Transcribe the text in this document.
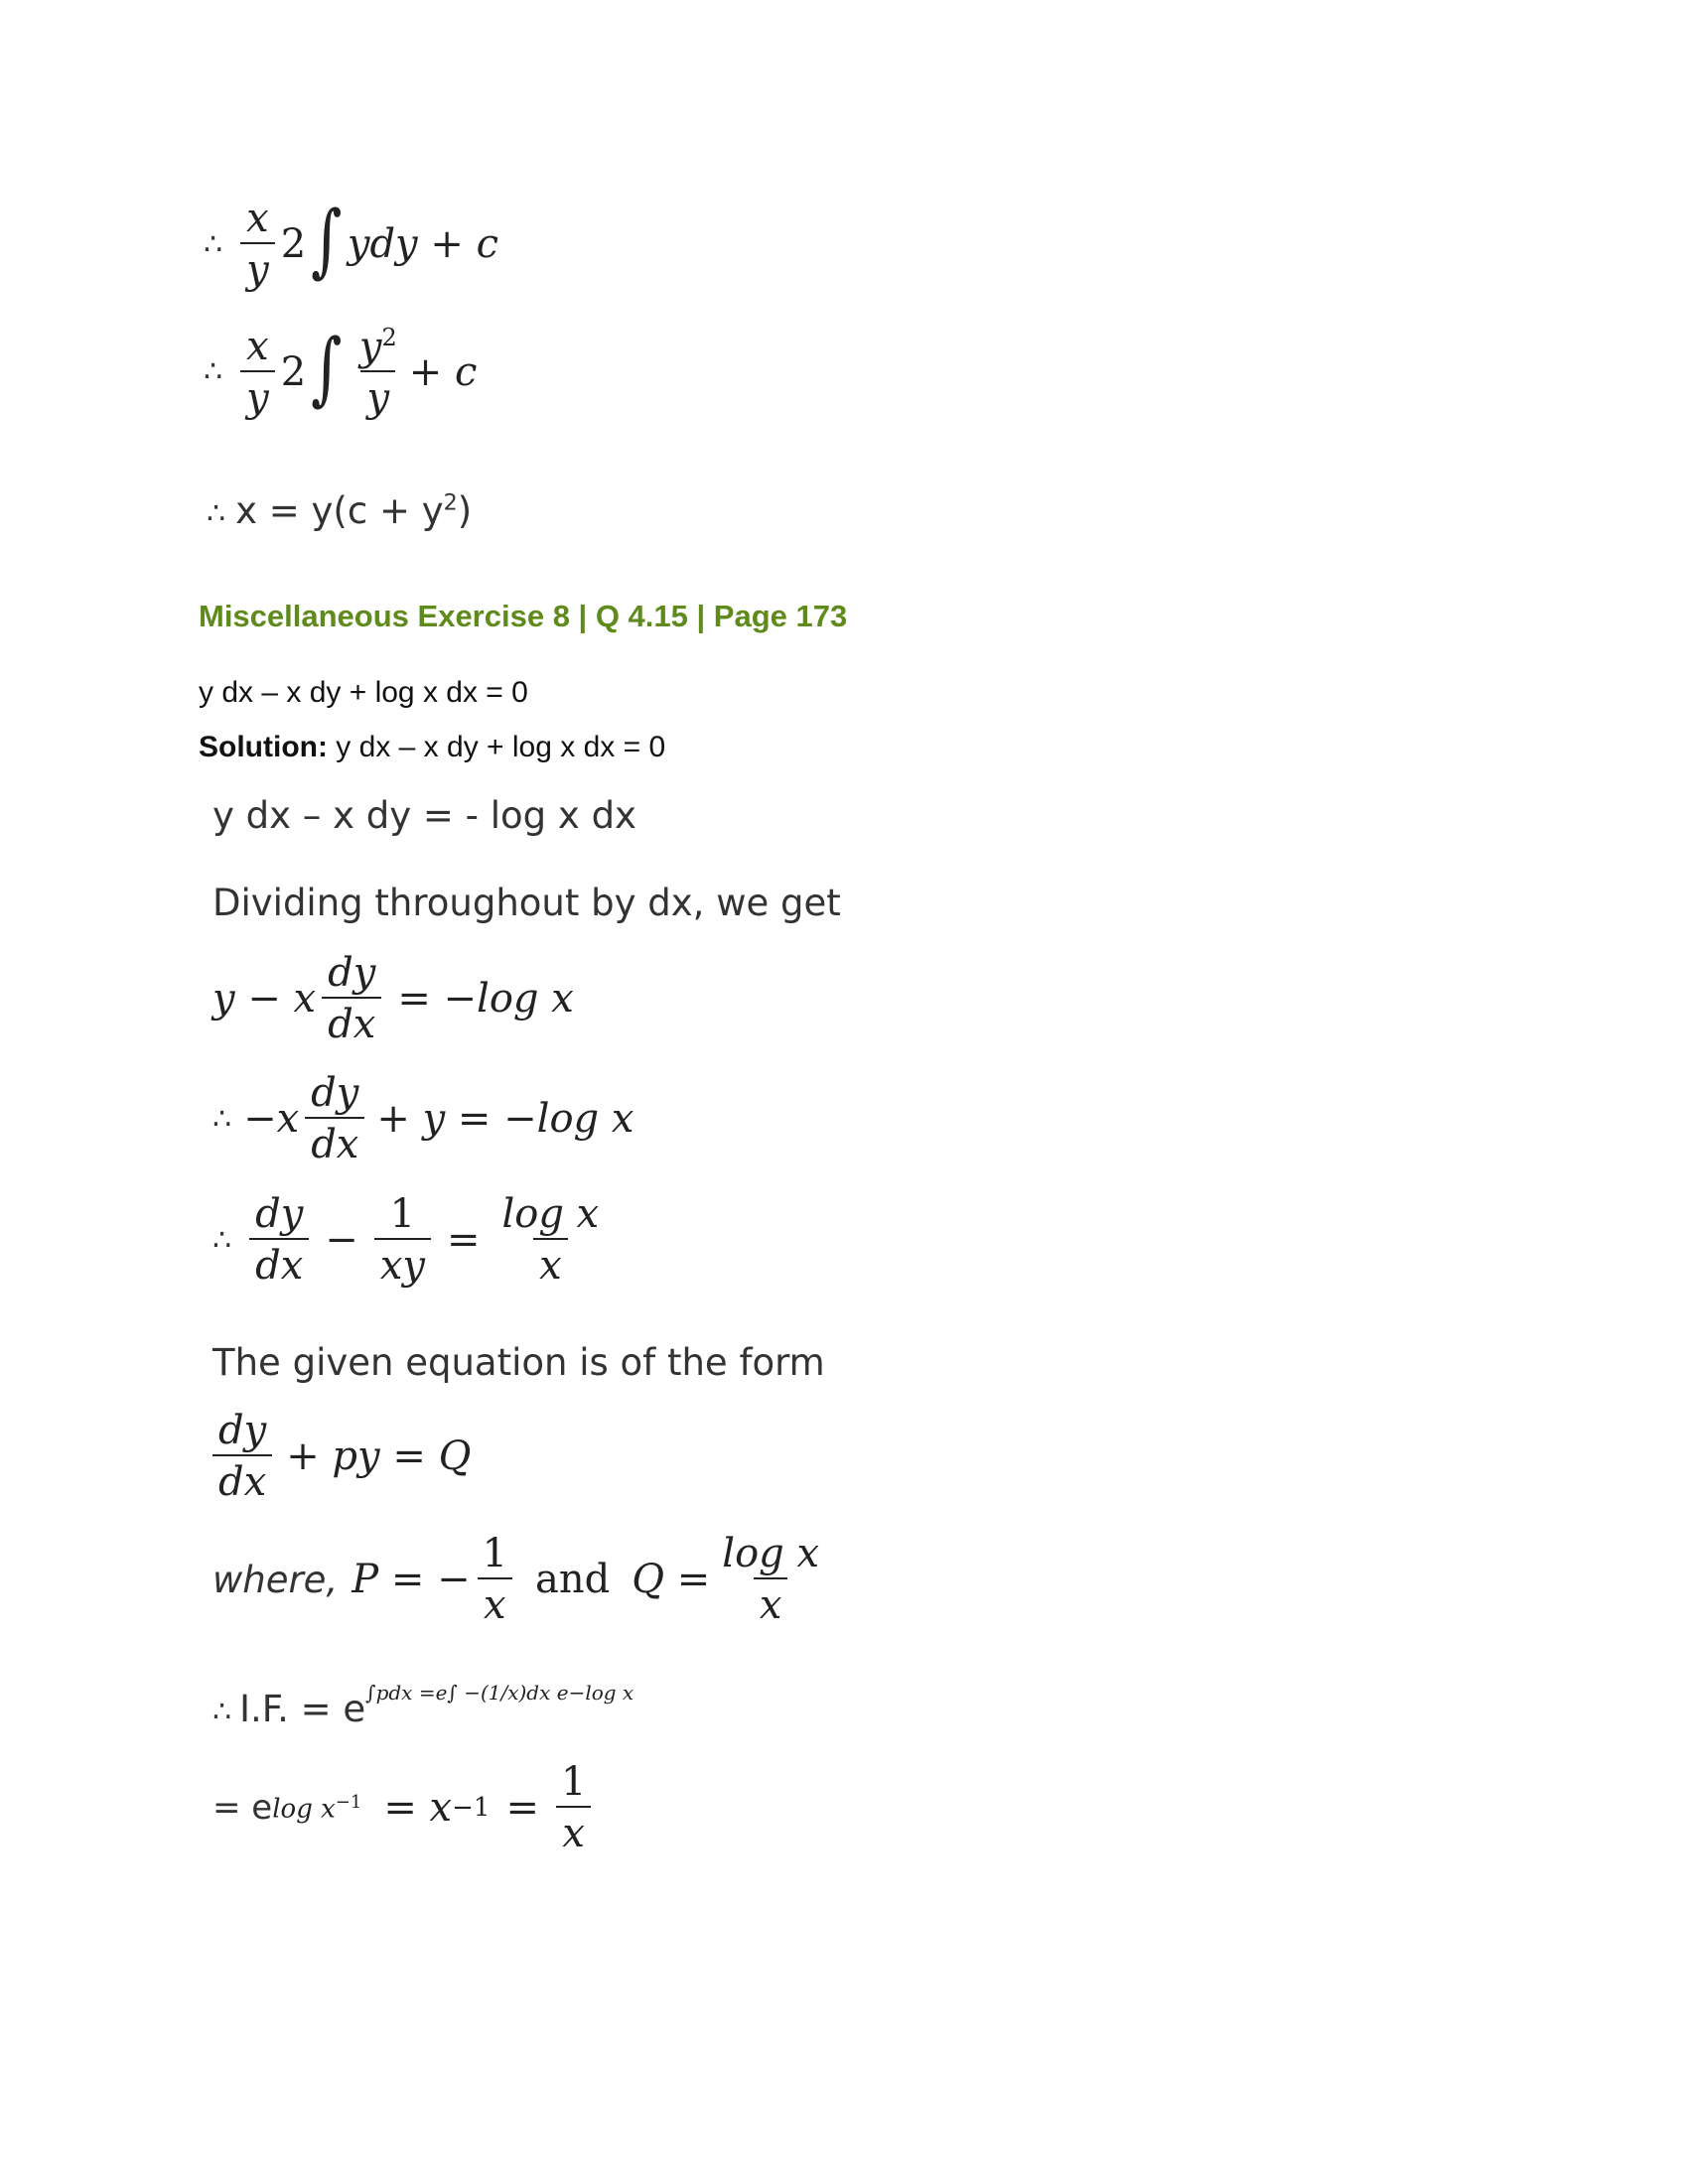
∴ $\frac{x}{y} 2$ ∫ ydy + c
∴ $\frac{x}{y} 2$ ∫ $\frac{y^2}{y} + c$
∴ $x = y(c + y^2)$
Miscellaneous Exercise 8 | Q 4.15 | Page 173
y dx – x dy + log x dx = 0
Solution: y dx – x dy + log x dx = 0
y dx – x dy = - log x dx
Dividing throughout by dx, we get
y − x $\frac{dy}{dx} = -\log$ x
∴ $-x \frac{dy}{dx} + y = -\log$ x
∴ $\frac{dy}{dx} - \frac{1}{xy} = \frac{\text{log x}}{x}$
The given equation is of the form
$\frac{dy}{dx}$ + py = Q
where, P = − $\frac{1}{x}$ and $Q = \frac{\text{log x}}{x}$
∴ I.F. = $e^{\int pdx =e\int -(1/x)dx e-log x}$
= e $\log x^{-1} = x -1 = \frac{1}{x}$
